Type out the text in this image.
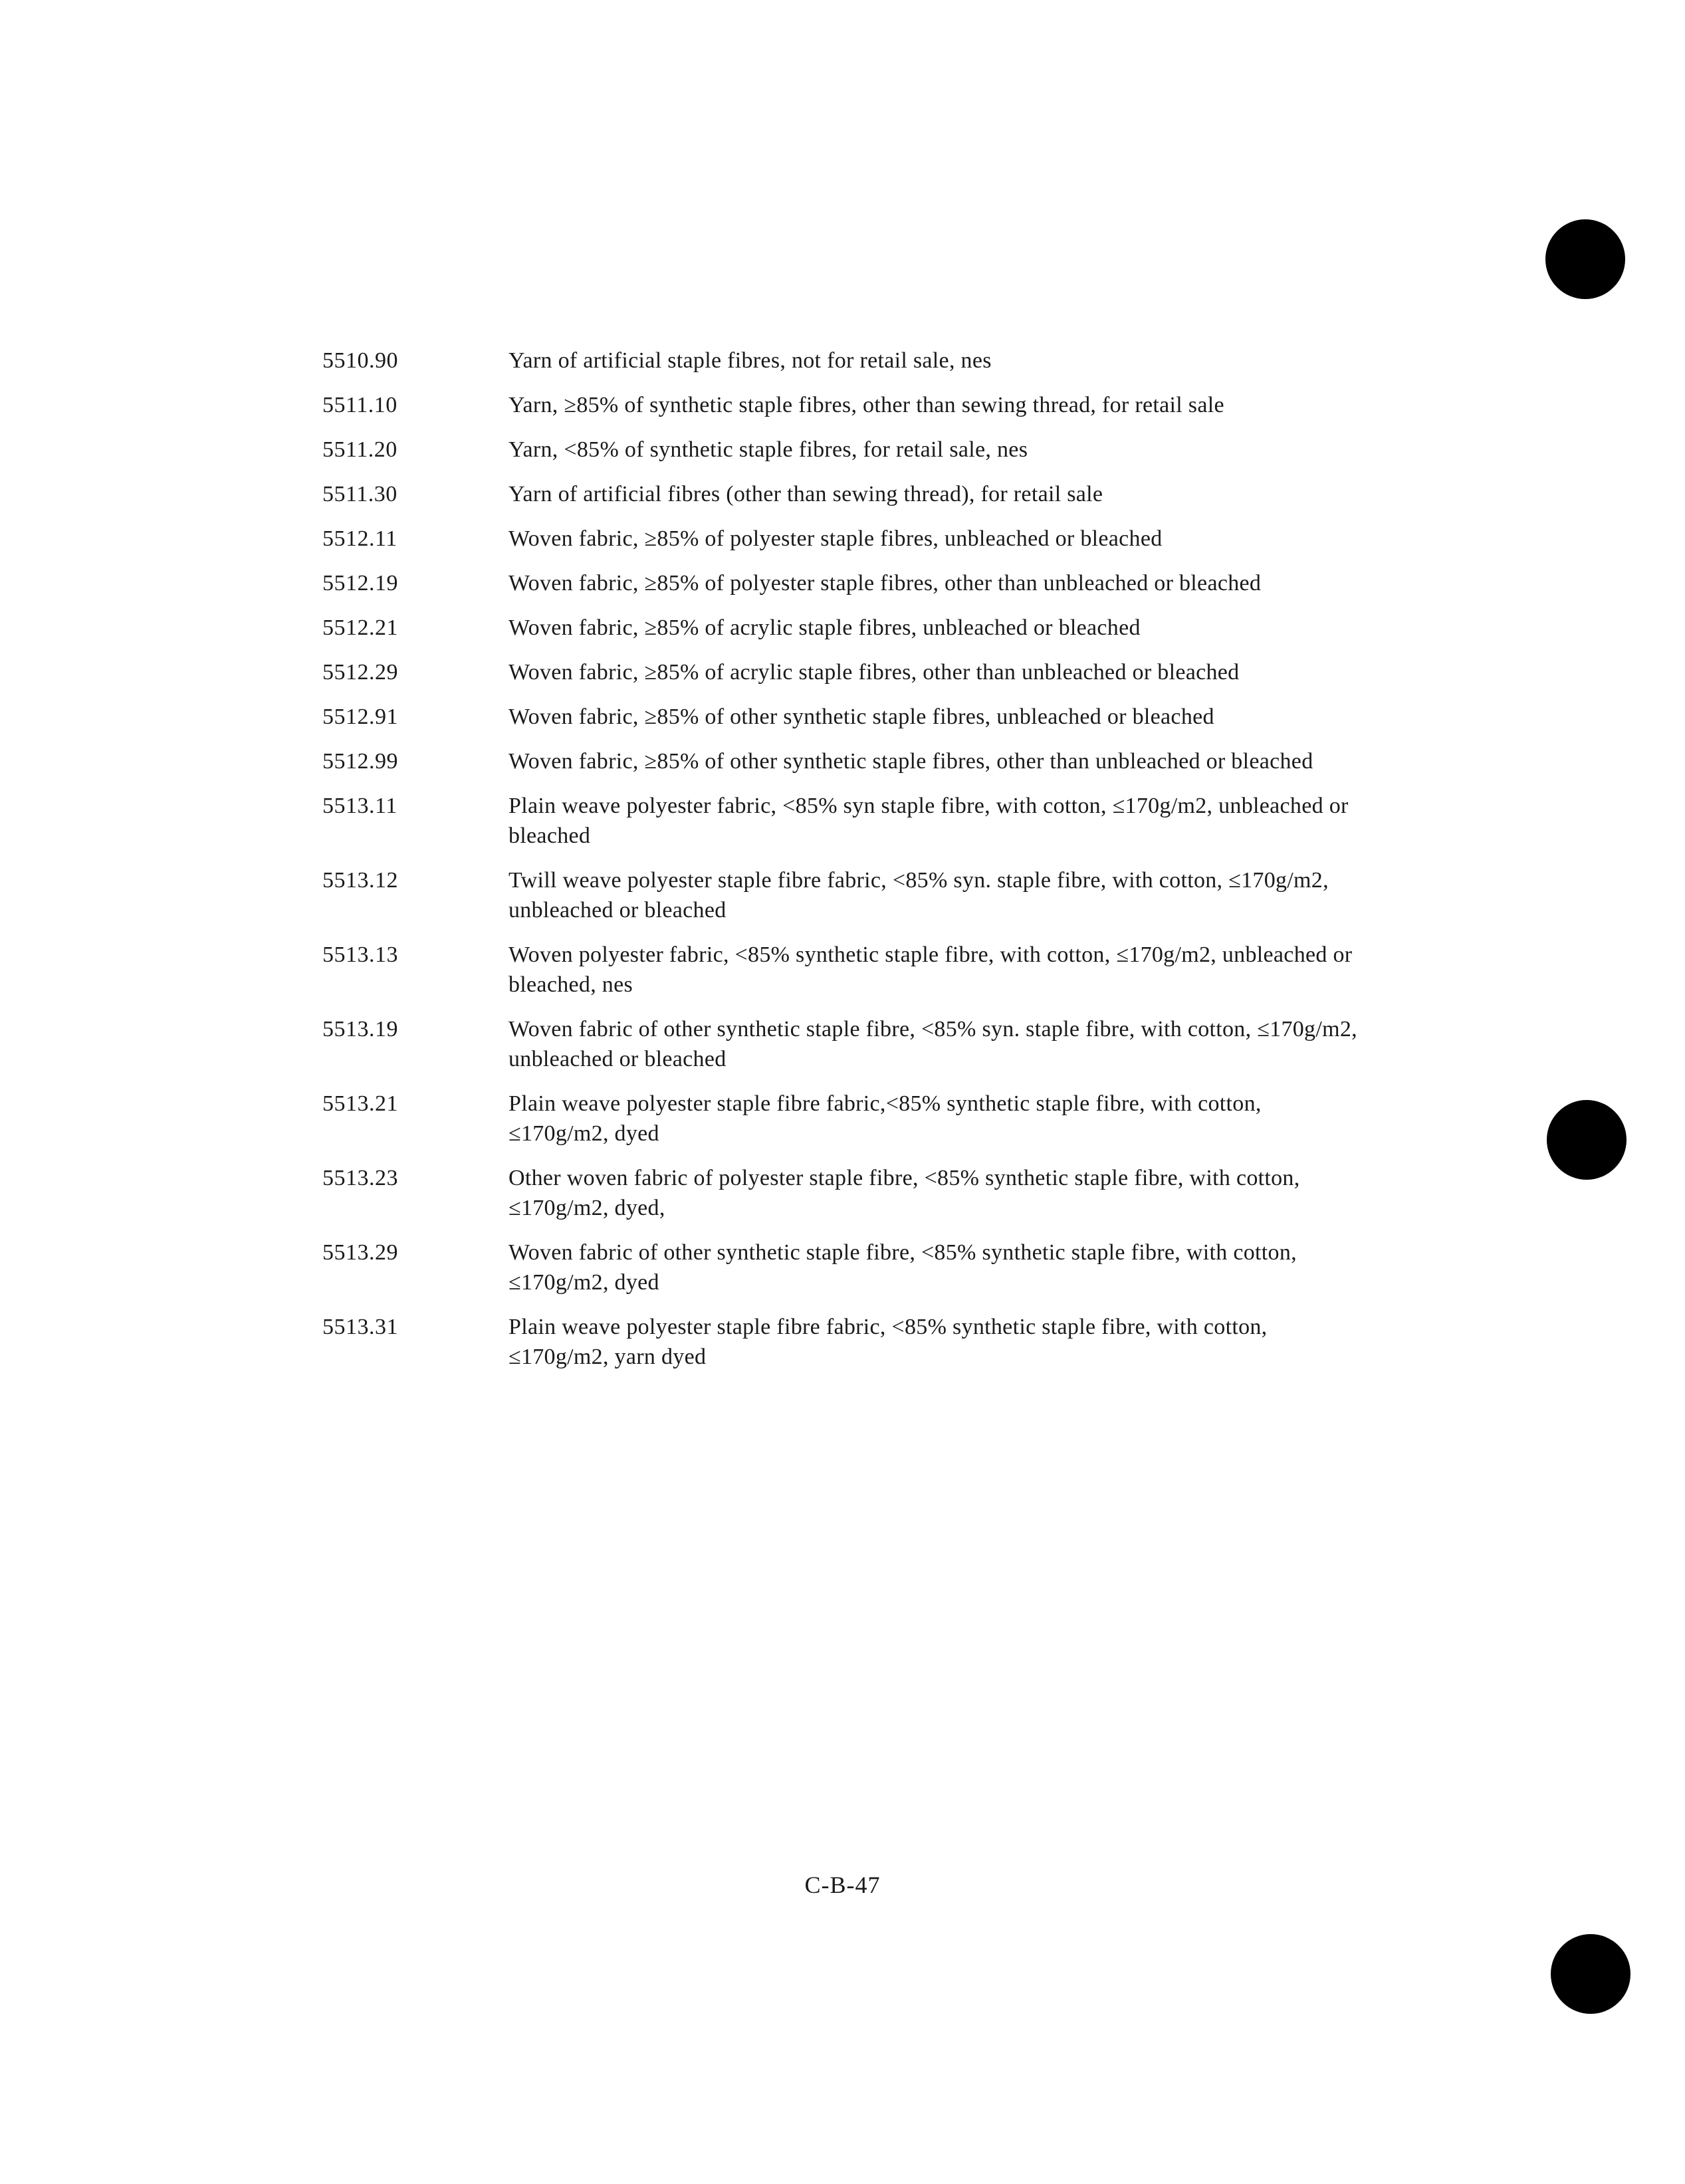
5510.90	Yarn of artificial staple fibres, not for retail sale, nes
5511.10	Yarn, ≥85% of synthetic staple fibres, other than sewing thread, for retail sale
5511.20	Yarn, <85% of synthetic staple fibres, for retail sale, nes
5511.30	Yarn of artificial fibres (other than sewing thread), for retail sale
5512.11	Woven fabric, ≥85% of polyester staple fibres, unbleached or bleached
5512.19	Woven fabric, ≥85% of polyester staple fibres, other than unbleached or bleached
5512.21	Woven fabric, ≥85% of acrylic staple fibres, unbleached or bleached
5512.29	Woven fabric, ≥85% of acrylic staple fibres, other than unbleached or bleached
5512.91	Woven fabric, ≥85% of other synthetic staple fibres, unbleached or bleached
5512.99	Woven fabric, ≥85% of other synthetic staple fibres, other than unbleached or bleached
5513.11	Plain weave polyester fabric, <85% syn staple fibre, with cotton, ≤170g/m2, unbleached or bleached
5513.12	Twill weave polyester staple fibre fabric, <85% syn. staple fibre, with cotton, ≤170g/m2, unbleached or bleached
5513.13	Woven polyester fabric, <85% synthetic staple fibre, with cotton, ≤170g/m2, unbleached or bleached, nes
5513.19	Woven fabric of other synthetic staple fibre, <85% syn. staple fibre, with cotton, ≤170g/m2, unbleached or bleached
5513.21	Plain weave polyester staple fibre fabric,<85% synthetic staple fibre, with cotton, ≤170g/m2, dyed
5513.23	Other woven fabric of polyester staple fibre, <85% synthetic staple fibre, with cotton, ≤170g/m2, dyed,
5513.29	Woven fabric of other synthetic staple fibre, <85% synthetic staple fibre, with cotton, ≤170g/m2, dyed
5513.31	Plain weave polyester staple fibre fabric, <85% synthetic staple fibre, with cotton, ≤170g/m2, yarn dyed
C-B-47
